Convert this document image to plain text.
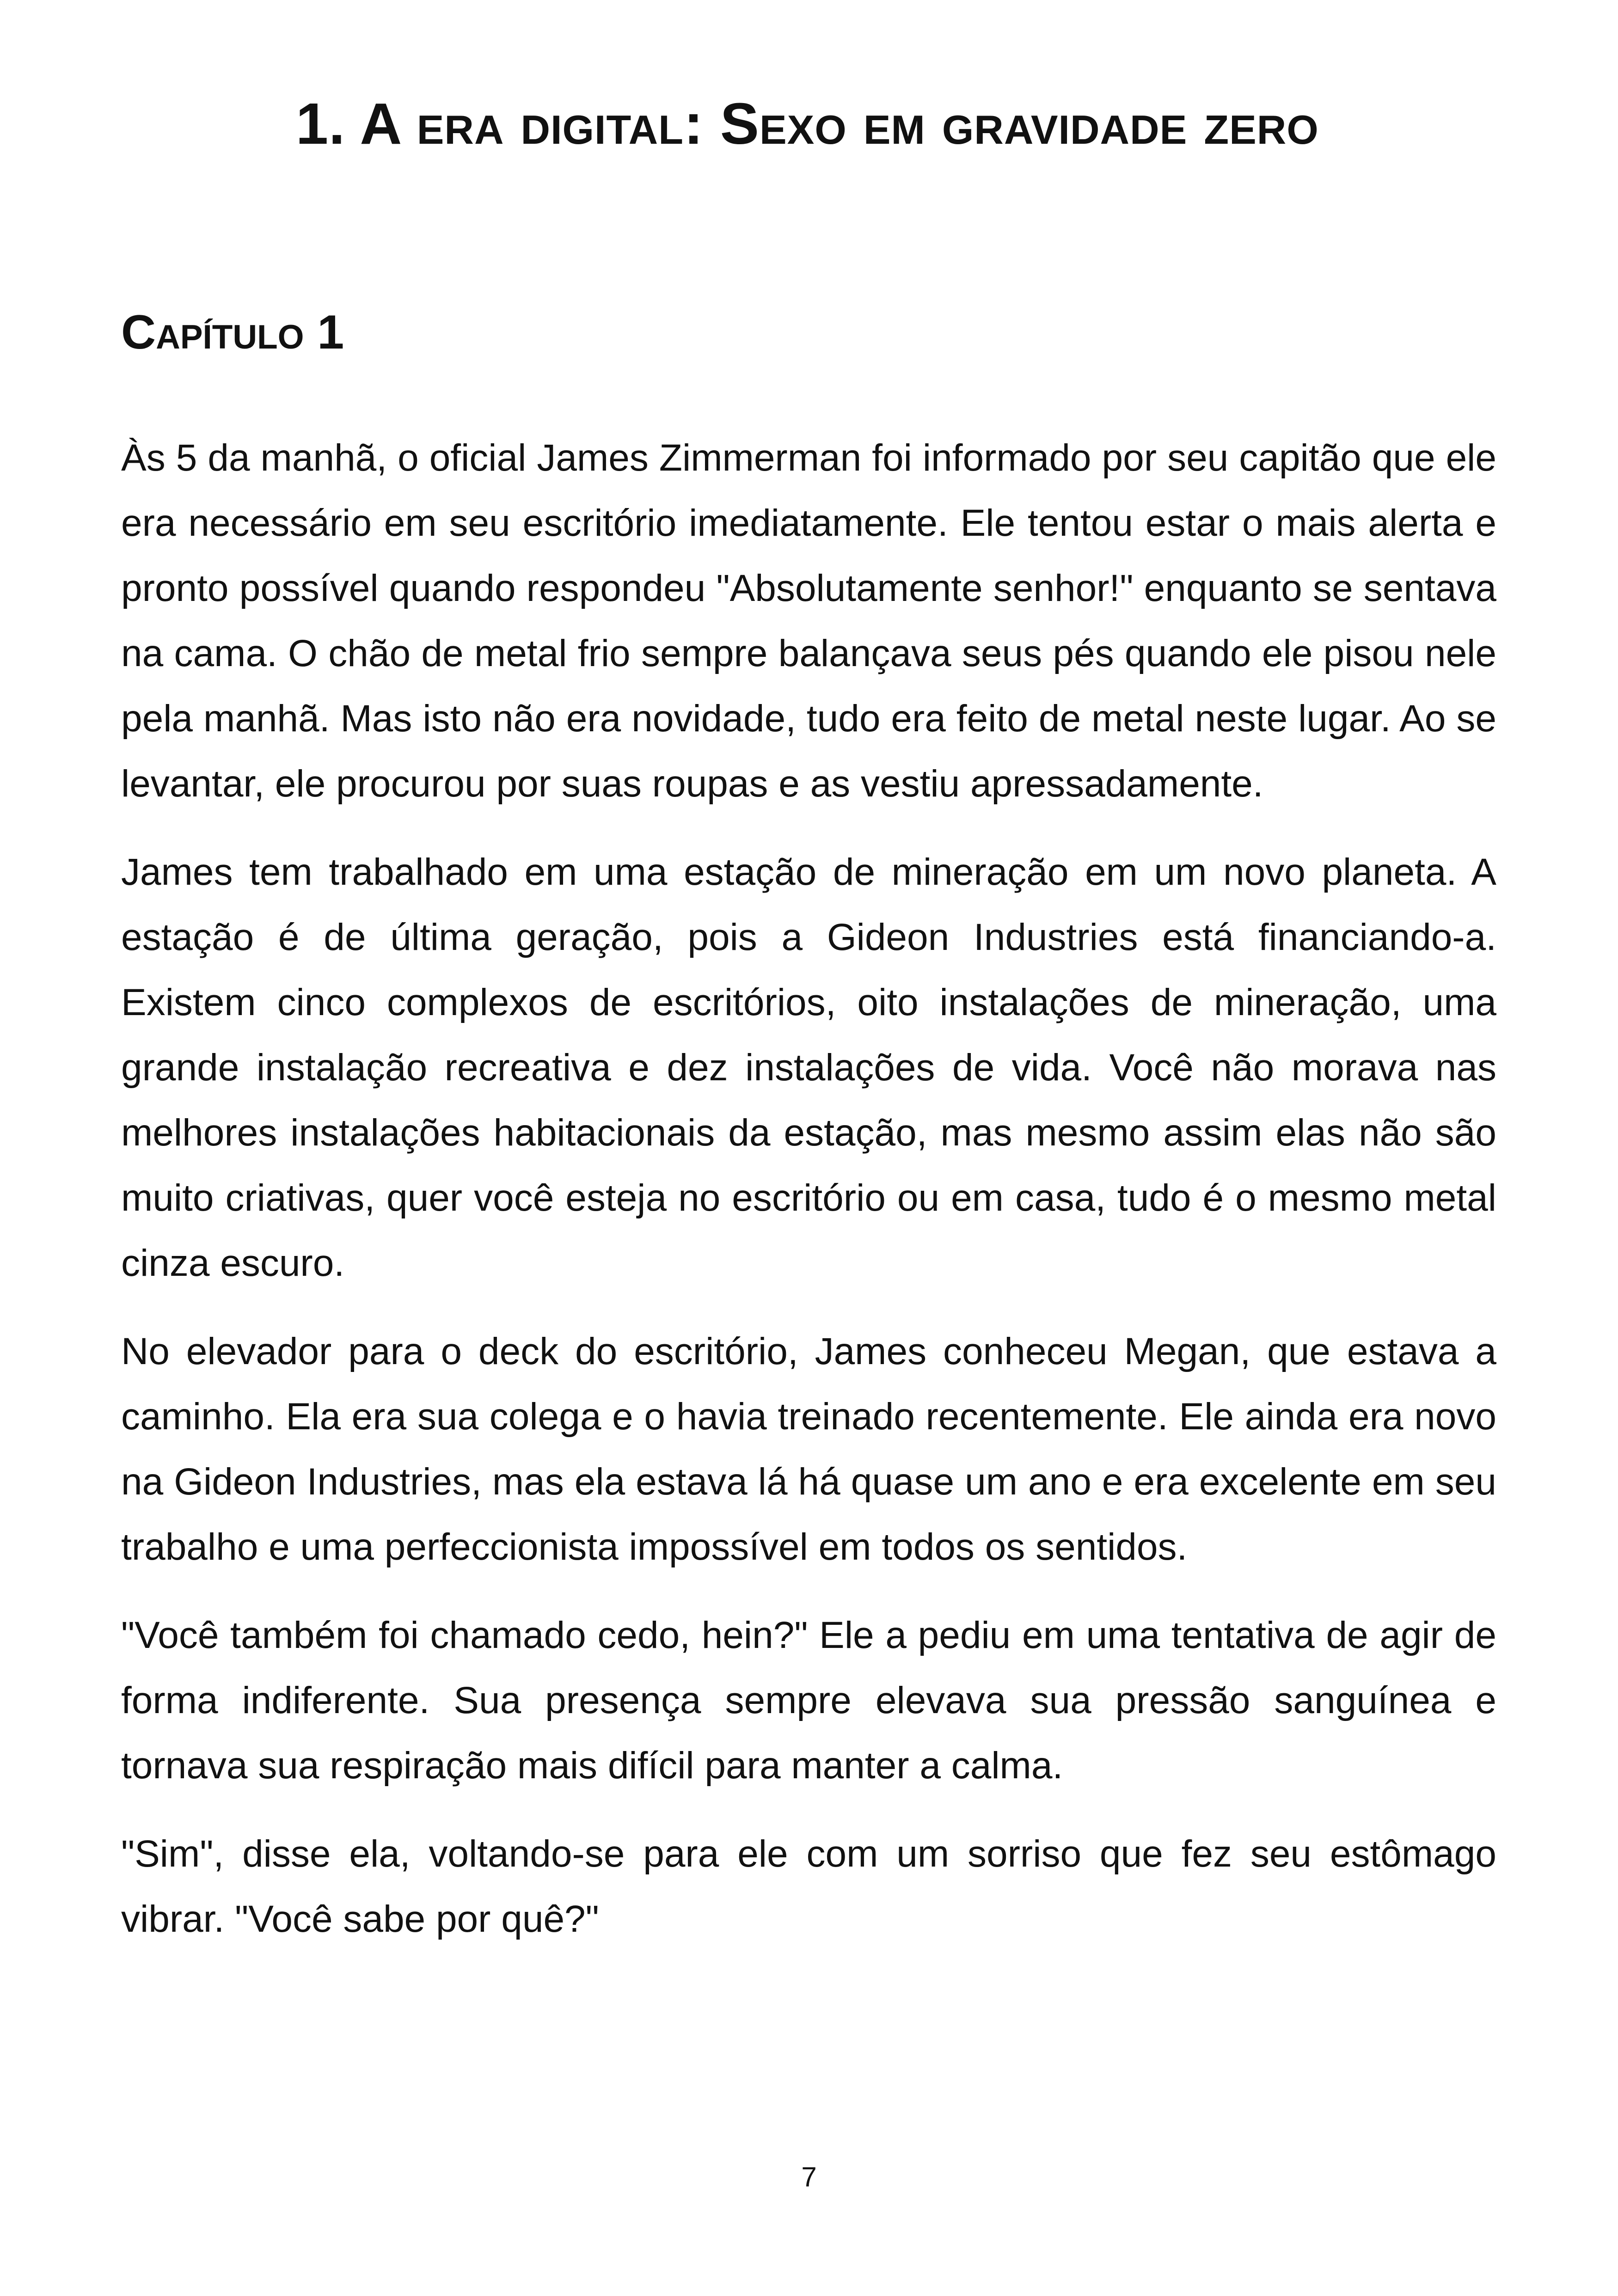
1. A era digital: Sexo em gravidade zero
Capítulo 1

Às 5 da manhã, o oficial James Zimmerman foi informado por seu capitão que ele era necessário em seu escritório imediatamente. Ele tentou estar o mais alerta e pronto possível quando respondeu "Absolutamente senhor!" enquanto se sentava na cama. O chão de metal frio sempre balançava seus pés quando ele pisou nele pela manhã. Mas isto não era novidade, tudo era feito de metal neste lugar. Ao se levantar, ele procurou por suas roupas e as vestiu apressadamente.

James tem trabalhado em uma estação de mineração em um novo planeta. A estação é de última geração, pois a Gideon Industries está financiando-a. Existem cinco complexos de escritórios, oito instalações de mineração, uma grande instalação recreativa e dez instalações de vida. Você não morava nas melhores instalações habitacionais da estação, mas mesmo assim elas não são muito criativas, quer você esteja no escritório ou em casa, tudo é o mesmo metal cinza escuro.

No elevador para o deck do escritório, James conheceu Megan, que estava a caminho. Ela era sua colega e o havia treinado recentemente. Ele ainda era novo na Gideon Industries, mas ela estava lá há quase um ano e era excelente em seu trabalho e uma perfeccionista impossível em todos os sentidos.

"Você também foi chamado cedo, hein?" Ele a pediu em uma tentativa de agir de forma indiferente. Sua presença sempre elevava sua pressão sanguínea e tornava sua respiração mais difícil para manter a calma.

"Sim", disse ela, voltando-se para ele com um sorriso que fez seu estômago vibrar. "Você sabe por quê?"

7
